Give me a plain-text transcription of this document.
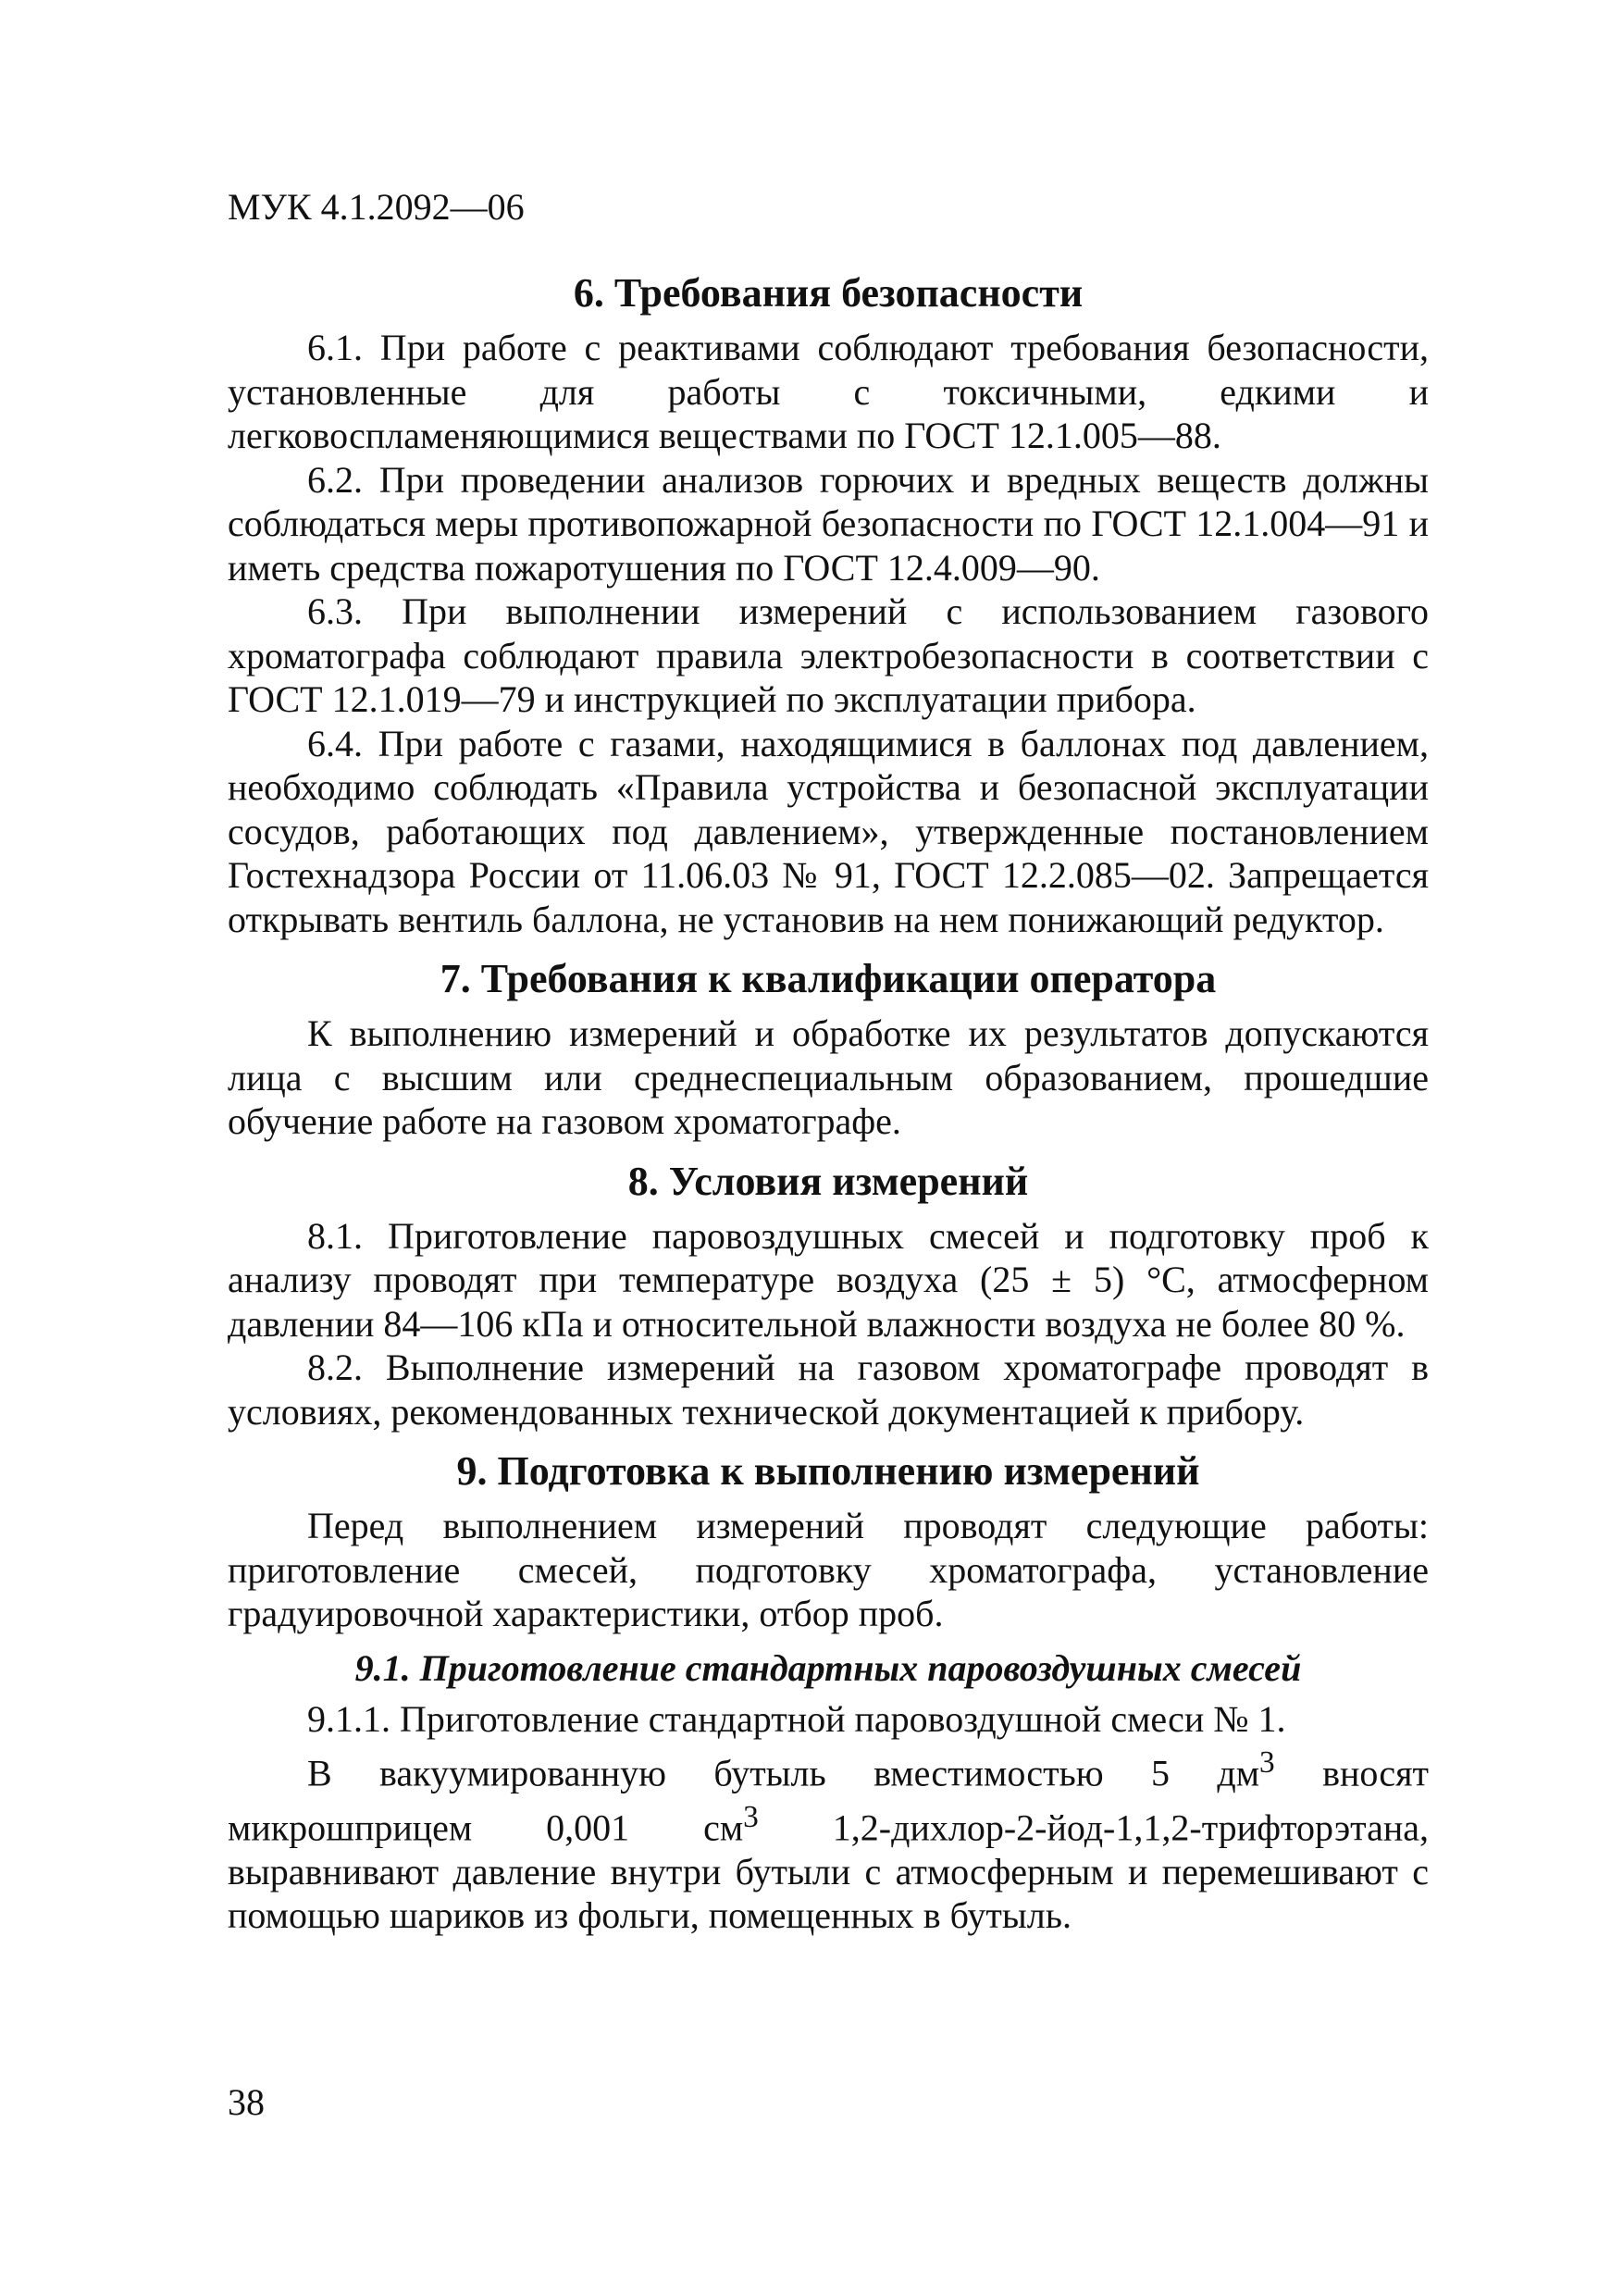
МУК 4.1.2092—06

6. Требования безопасности

6.1. При работе с реактивами соблюдают требования безопасности, установленные для работы с токсичными, едкими и легковоспламеняющимися веществами по ГОСТ 12.1.005—88.

6.2. При проведении анализов горючих и вредных веществ должны соблюдаться меры противопожарной безопасности по ГОСТ 12.1.004—91 и иметь средства пожаротушения по ГОСТ 12.4.009—90.

6.3. При выполнении измерений с использованием газового хроматографа соблюдают правила электробезопасности в соответствии с ГОСТ 12.1.019—79 и инструкцией по эксплуатации прибора.

6.4. При работе с газами, находящимися в баллонах под давлением, необходимо соблюдать «Правила устройства и безопасной эксплуатации сосудов, работающих под давлением», утвержденные постановлением Гостехнадзора России от 11.06.03 № 91, ГОСТ 12.2.085—02. Запрещается открывать вентиль баллона, не установив на нем понижающий редуктор.

7. Требования к квалификации оператора

К выполнению измерений и обработке их результатов допускаются лица с высшим или среднеспециальным образованием, прошедшие обучение работе на газовом хроматографе.

8. Условия измерений

8.1. Приготовление паровоздушных смесей и подготовку проб к анализу проводят при температуре воздуха (25 ± 5) °С, атмосферном давлении 84—106 кПа и относительной влажности воздуха не более 80 %.

8.2. Выполнение измерений на газовом хроматографе проводят в условиях, рекомендованных технической документацией к прибору.

9. Подготовка к выполнению измерений

Перед выполнением измерений проводят следующие работы: приготовление смесей, подготовку хроматографа, установление градуировочной характеристики, отбор проб.

9.1. Приготовление стандартных паровоздушных смесей

9.1.1. Приготовление стандартной паровоздушной смеси № 1.

В вакуумированную бутыль вместимостью 5 $дм^3$ вносят микрошприцем 0,001 $см^3$ 1,2-дихлор-2-йод-1,1,2-трифторэтана, выравнивают давление внутри бутыли с атмосферным и перемешивают с помощью шариков из фольги, помещенных в бутыль.

38
